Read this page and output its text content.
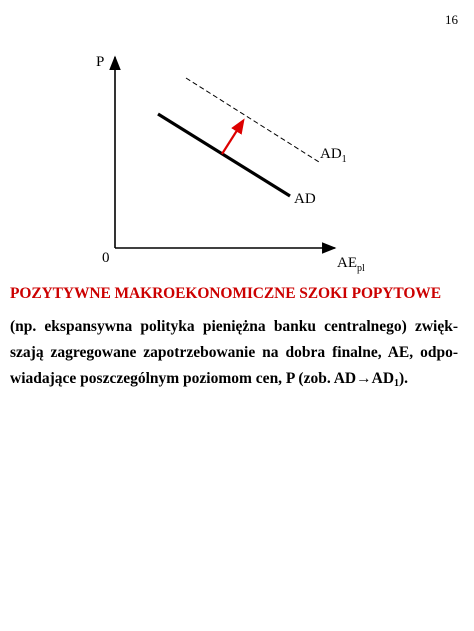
16
P
0	$AE_{pl}$
AD
$AD_1$
POZYTYWNE MAKROEKONOMICZNE SZOKI POPYTOWE
(np. ekspansywna polityka pieniężna banku centralnego) zwięk-
szają zagregowane zapotrzebowanie na dobra finalne, AE, odpo-
wiadające poszczególnym poziomom cen, P (zob. $AD\to AD_1$).
